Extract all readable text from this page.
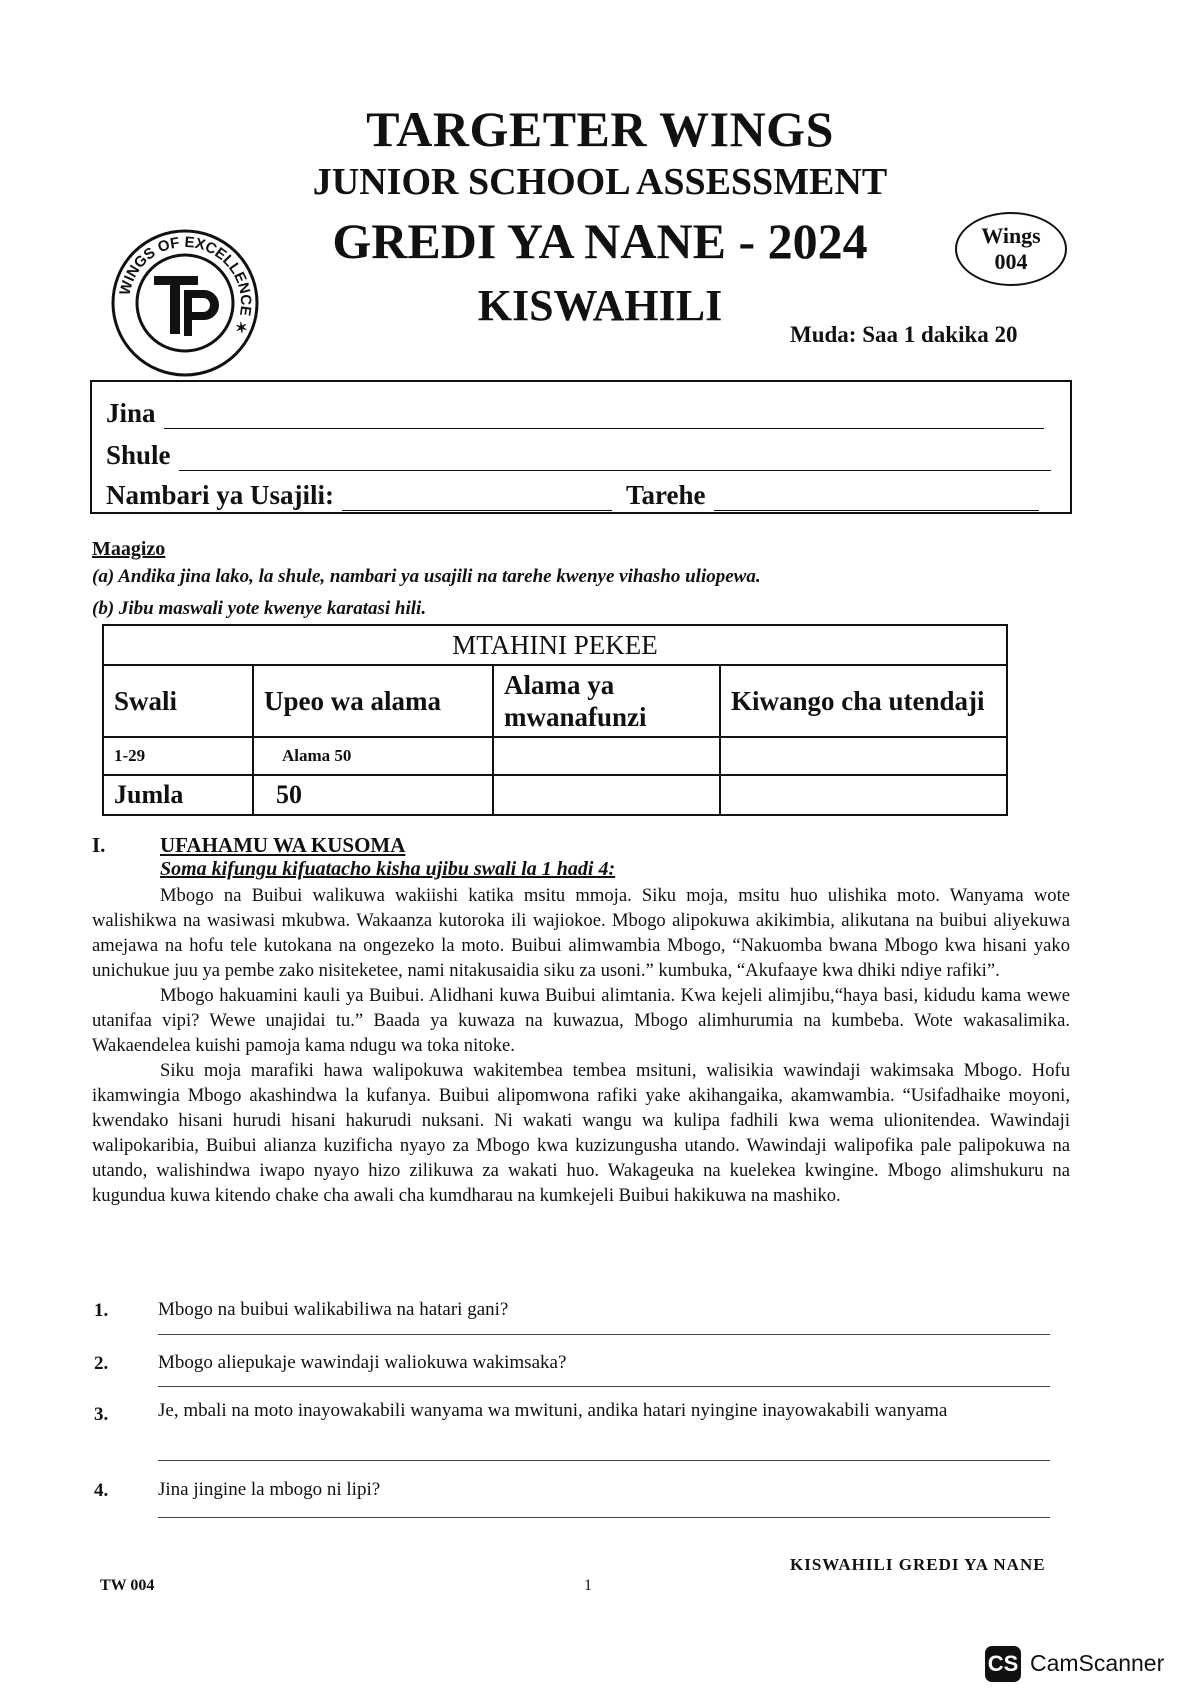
TARGETER WINGS
JUNIOR SCHOOL ASSESSMENT
GREDI YA NANE - 2024
KISWAHILI
WINGS OF EXCELLENCE ✶
Wings
004
Muda: Saa 1 dakika 20
Jina
Shule
Nambari ya Usajili:	Tarehe
Maagizo
(a) Andika jina lako, la shule, nambari ya usajili na tarehe kwenye vihasho uliopewa.
(b) Jibu maswali yote kwenye karatasi hili.
MTAHINI PEKEE			
Swali	Upeo wa alama	Alama ya mwanafunzi	Kiwango cha utendaji
1-29	Alama 50		
Jumla	50		
I.	UFAHAMU WA KUSOMA
Soma kifungu kifuatacho kisha ujibu swali la 1 hadi 4:

Mbogo na Buibui walikuwa wakiishi katika msitu mmoja. Siku moja, msitu huo ulishika moto. Wanyama wote walishikwa na wasiwasi mkubwa. Wakaanza kutoroka ili wajiokoe. Mbogo alipokuwa akikimbia, alikutana na buibui aliyekuwa amejawa na hofu tele kutokana na ongezeko la moto. Buibui alimwambia Mbogo, “Nakuomba bwana Mbogo kwa hisani yako unichukue juu ya pembe zako nisiteketee, nami nitakusaidia siku za usoni.” kumbuka, “Akufaaye kwa dhiki ndiye rafiki”.

Mbogo hakuamini kauli ya Buibui. Alidhani kuwa Buibui alimtania. Kwa kejeli alimjibu,“haya basi, kidudu kama wewe utanifaa vipi? Wewe unajidai tu.” Baada ya kuwaza na kuwazua, Mbogo alimhurumia na kumbeba. Wote wakasalimika. Wakaendelea kuishi pamoja kama ndugu wa toka nitoke.

Siku moja marafiki hawa walipokuwa wakitembea tembea msituni, walisikia wawindaji wakimsaka Mbogo. Hofu ikamwingia Mbogo akashindwa la kufanya. Buibui alipomwona rafiki yake akihangaika, akamwambia. “Usifadhaike moyoni, kwendako hisani hurudi hisani hakurudi nuksani. Ni wakati wangu wa kulipa fadhili kwa wema ulionitendea. Wawindaji walipokaribia, Buibui alianza kuzificha nyayo za Mbogo kwa kuzizungusha utando. Wawindaji walipofika pale palipokuwa na utando, walishindwa iwapo nyayo hizo zilikuwa za wakati huo. Wakageuka na kuelekea kwingine. Mbogo alimshukuru na kugundua kuwa kitendo chake cha awali cha kumdharau na kumkejeli Buibui hakikuwa na mashiko.

1.	Mbogo na buibui walikabiliwa na hatari gani?
2.	Mbogo aliepukaje wawindaji waliokuwa wakimsaka?
3.	Je, mbali na moto inayowakabili wanyama wa mwituni, andika hatari nyingine inayowakabili wanyama
4.	Jina jingine la mbogo ni lipi?
KISWAHILI GREDI YA NANE
TW 004	1
CS CamScanner
